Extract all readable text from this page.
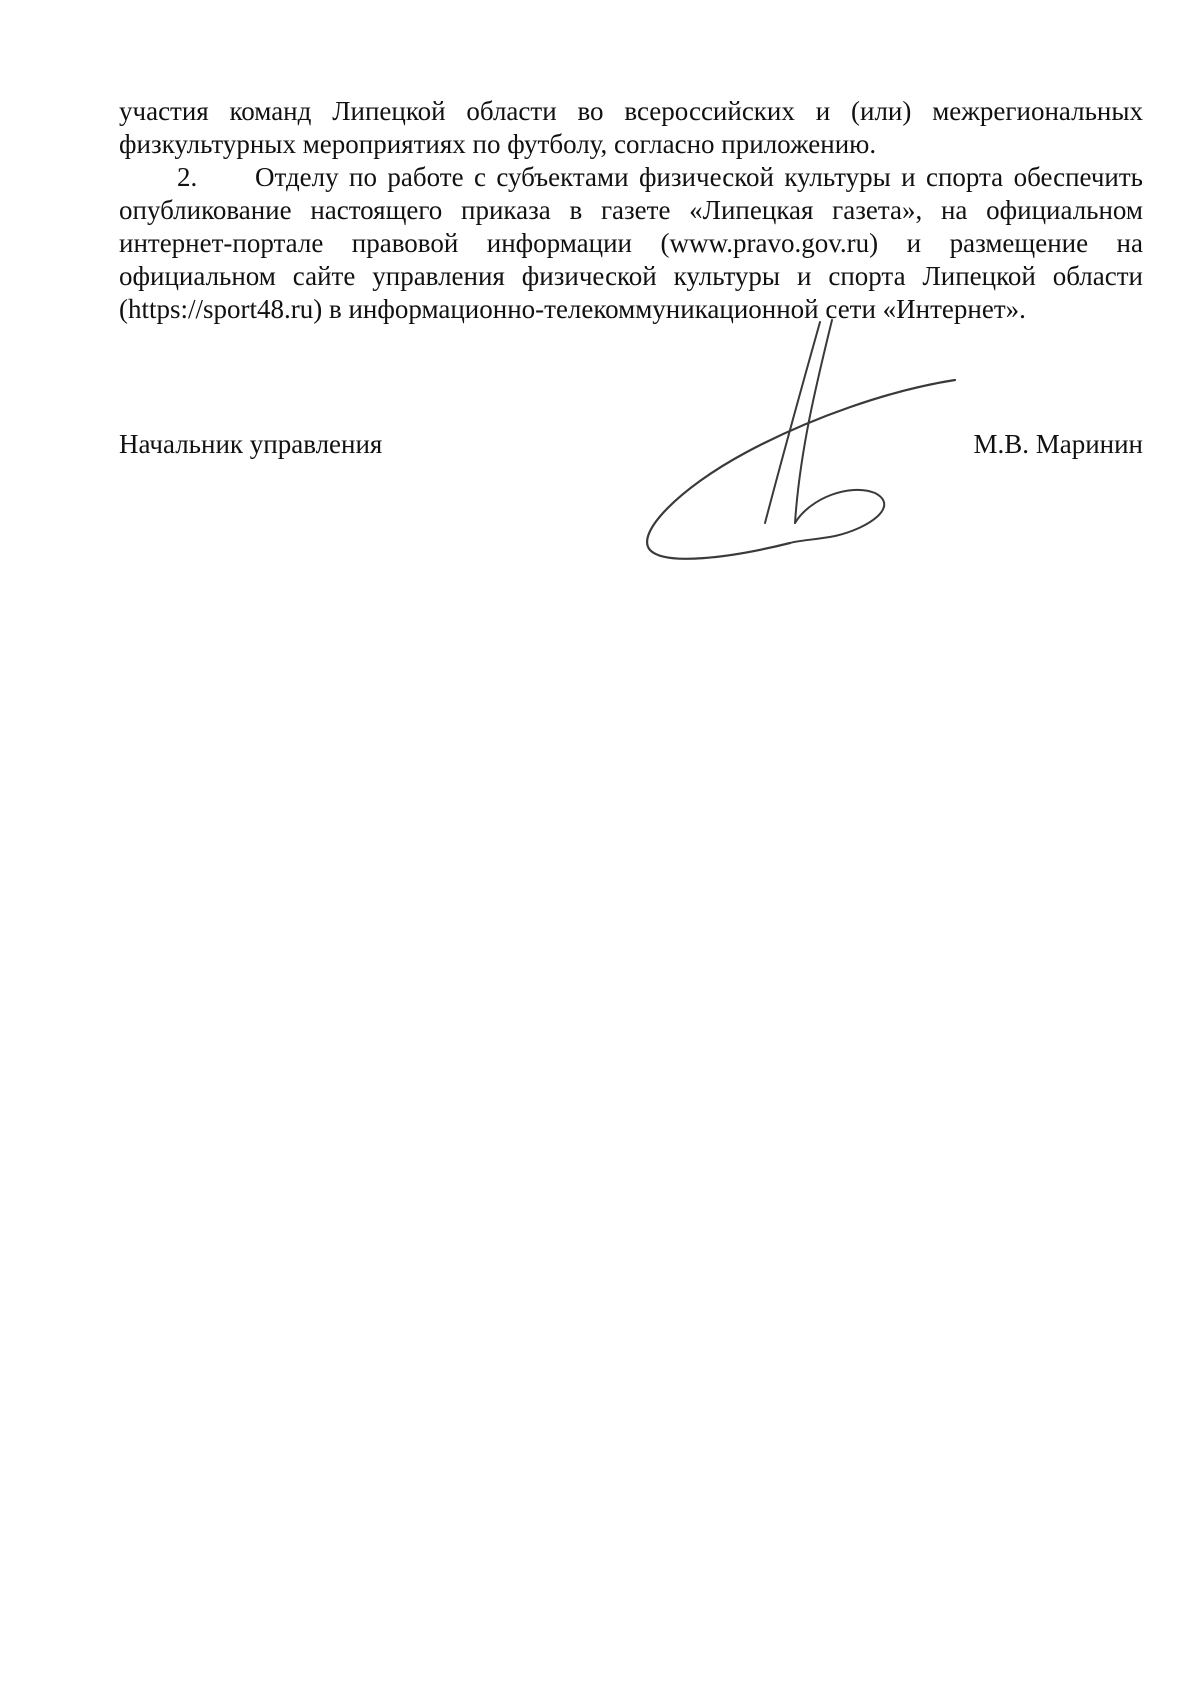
участия команд Липецкой области во всероссийских и (или) межрегиональных физкультурных мероприятиях по футболу, согласно приложению.

2. Отделу по работе с субъектами физической культуры и спорта обеспечить опубликование настоящего приказа в газете «Липецкая газета», на официальном интернет-портале правовой информации (www.pravo.gov.ru) и размещение на официальном сайте управления физической культуры и спорта Липецкой области (https://sport48.ru) в информационно-телекоммуникационной сети «Интернет».

Начальник управления	М.В. Маринин
